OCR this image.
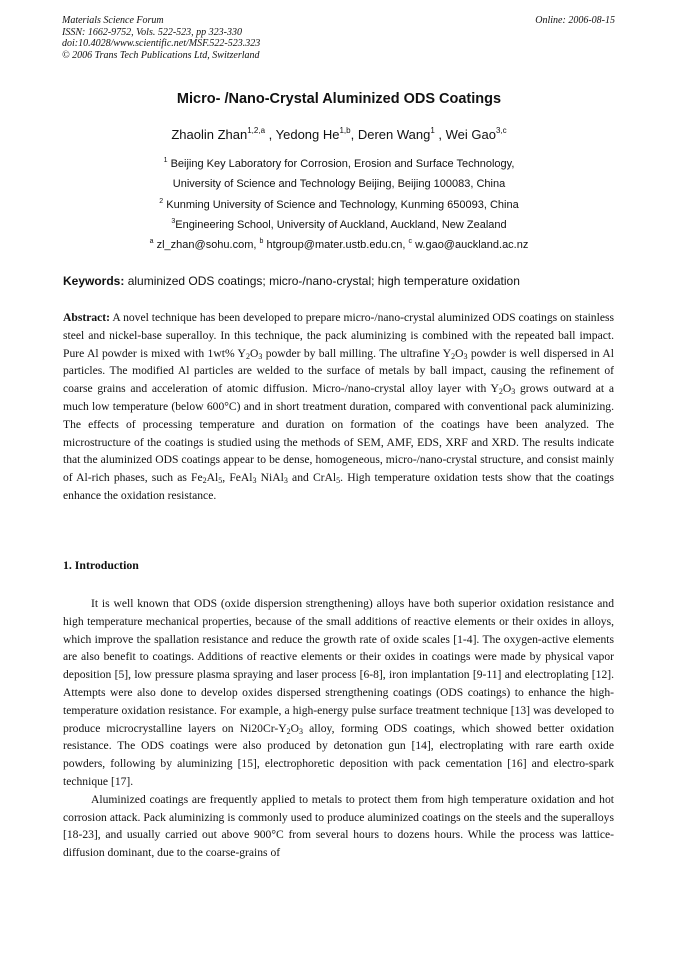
Materials Science Forum
ISSN: 1662-9752, Vols. 522-523, pp 323-330
doi:10.4028/www.scientific.net/MSF.522-523.323
© 2006 Trans Tech Publications Ltd, Switzerland
Online: 2006-08-15
Micro- /Nano-Crystal Aluminized ODS Coatings
Zhaolin Zhan$^{1,2,a}$ , Yedong He$^{1,b}$, Deren Wang$^1$ , Wei Gao$^{3,c}$
$^1$ Beijing Key Laboratory for Corrosion, Erosion and Surface Technology,
University of Science and Technology Beijing, Beijing 100083, China
$^2$ Kunming University of Science and Technology, Kunming 650093, China
$^3$Engineering School, University of Auckland, Auckland, New Zealand
$^a$ zl_zhan@sohu.com, $^b$ htgroup@mater.ustb.edu.cn, $^c$ w.gao@auckland.ac.nz
Keywords: aluminized ODS coatings; micro-/nano-crystal; high temperature oxidation
Abstract: A novel technique has been developed to prepare micro-/nano-crystal aluminized ODS coatings on stainless steel and nickel-base superalloy. In this technique, the pack aluminizing is combined with the repeated ball impact. Pure Al powder is mixed with 1wt% $Y_2O_3$ powder by ball milling. The ultrafine $Y_2O_3$ powder is well dispersed in Al particles. The modified Al particles are welded to the surface of metals by ball impact, causing the refinement of coarse grains and acceleration of atomic diffusion. Micro-/nano-crystal alloy layer with $Y_2O_3$ grows outward at a much low temperature (below 600°C) and in short treatment duration, compared with conventional pack aluminizing. The effects of processing temperature and duration on formation of the coatings have been analyzed. The microstructure of the coatings is studied using the methods of SEM, AMF, EDS, XRF and XRD. The results indicate that the aluminized ODS coatings appear to be dense, homogeneous, micro-/nano-crystal structure, and consist mainly of Al-rich phases, such as $Fe_2Al_5$, FeAl$_3$ NiAl$_3$ and CrAl$_5$. High temperature oxidation tests show that the coatings enhance the oxidation resistance.
1. Introduction

It is well known that ODS (oxide dispersion strengthening) alloys have both superior oxidation resistance and high temperature mechanical properties, because of the small additions of reactive elements or their oxides in alloys, which improve the spallation resistance and reduce the growth rate of oxide scales [1-4]. The oxygen-active elements are also benefit to coatings. Additions of reactive elements or their oxides in coatings were made by physical vapor deposition [5], low pressure plasma spraying and laser process [6-8], iron implantation [9-11] and electroplating [12]. Attempts were also done to develop oxides dispersed strengthening coatings (ODS coatings) to enhance the high-temperature oxidation resistance. For example, a high-energy pulse surface treatment technique [13] was developed to produce microcrystalline layers on $Ni20Cr-Y_2O_3$ alloy, forming ODS coatings, which showed better oxidation resistance. The ODS coatings were also produced by detonation gun [14], electroplating with rare earth oxide powders, following by aluminizing [15], electrophoretic deposition with pack cementation [16] and electro-spark technique [17].

Aluminized coatings are frequently applied to metals to protect them from high temperature oxidation and hot corrosion attack. Pack aluminizing is commonly used to produce aluminized coatings on the steels and the superalloys [18-23], and usually carried out above 900°C from several hours to dozens hours. While the process was lattice-diffusion dominant, due to the coarse-grains of
